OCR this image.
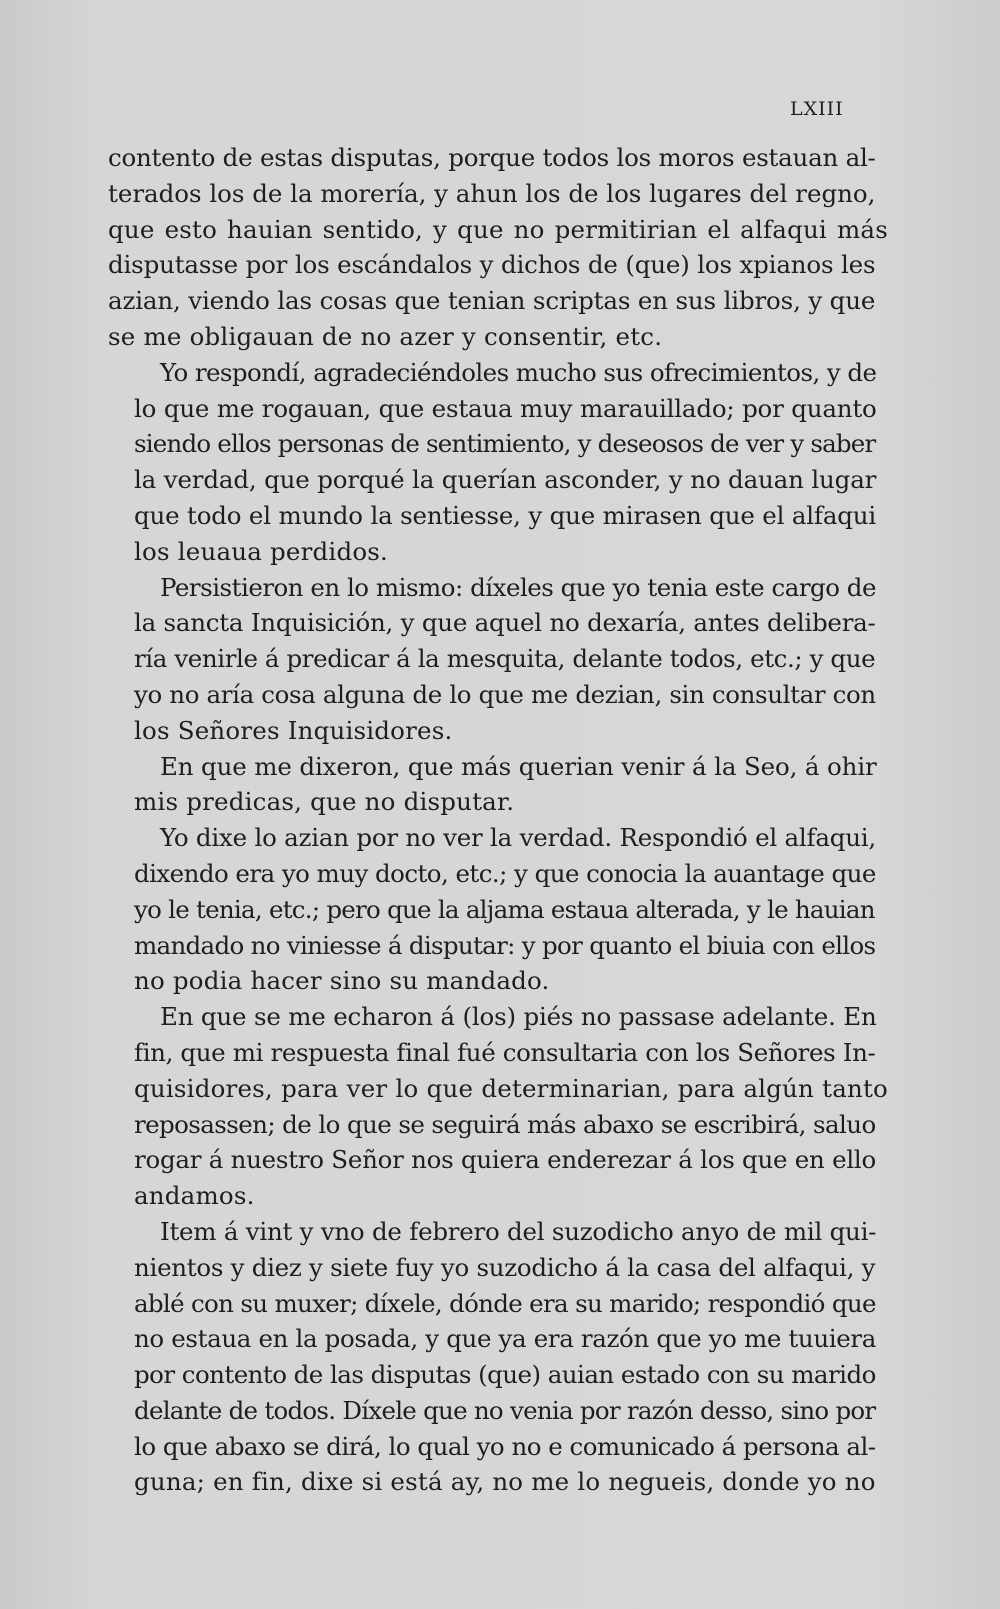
LXIII

contento de estas disputas, porque todos los moros estauan al-
terados los de la morería, y ahun los de los lugares del regno,
que esto hauian sentido, y que no permitirian el alfaqui más
disputasse por los escándalos y dichos de (que) los xpianos les
azian, viendo las cosas que tenian scriptas en sus libros, y que
se me obligauan de no azer y consentir, etc.

Yo respondí, agradeciéndoles mucho sus ofrecimientos, y de
lo que me rogauan, que estaua muy marauillado; por quanto
siendo ellos personas de sentimiento, y deseosos de ver y saber
la verdad, que porqué la querían asconder, y no dauan lugar
que todo el mundo la sentiesse, y que mirasen que el alfaqui
los leuaua perdidos.

Persistieron en lo mismo: díxeles que yo tenia este cargo de
la sancta Inquisición, y que aquel no dexaría, antes delibera-
ría venirle á predicar á la mesquita, delante todos, etc.; y que
yo no aría cosa alguna de lo que me dezian, sin consultar con
los Señores Inquisidores.

En que me dixeron, que más querian venir á la Seo, á ohir
mis predicas, que no disputar.

Yo dixe lo azian por no ver la verdad. Respondió el alfaqui,
dixendo era yo muy docto, etc.; y que conocia la auantage que
yo le tenia, etc.; pero que la aljama estaua alterada, y le hauian
mandado no viniesse á disputar: y por quanto el biuia con ellos
no podia hacer sino su mandado.

En que se me echaron á (los) piés no passase adelante. En
fin, que mi respuesta final fué consultaria con los Señores In-
quisidores, para ver lo que determinarian, para algún tanto
reposassen; de lo que se seguirá más abaxo se escribirá, saluo
rogar á nuestro Señor nos quiera enderezar á los que en ello
andamos.

Item á vint y vno de febrero del suzodicho anyo de mil qui-
nientos y diez y siete fuy yo suzodicho á la casa del alfaqui, y
ablé con su muxer; díxele, dónde era su marido; respondió que
no estaua en la posada, y que ya era razón que yo me tuuiera
por contento de las disputas (que) auian estado con su marido
delante de todos. Díxele que no venia por razón desso, sino por
lo que abaxo se dirá, lo qual yo no e comunicado á persona al-
guna; en fin, dixe si está ay, no me lo negueis, donde yo no
